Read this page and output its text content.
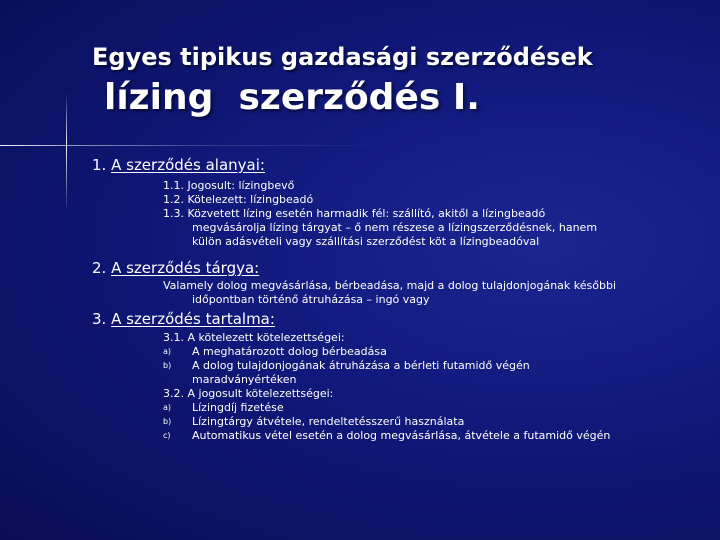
Egyes tipikus gazdasági szerződések
lízing  szerződés I.
1. A szerződés alanyai:
1.1. Jogosult: lízingbevő
1.2. Kötelezett: lízingbeadó
1.3. Közvetett lízing esetén harmadik fél: szállító, akitől a lízingbeadó
megvásárolja lízing tárgyat – ő nem részese a lízingszerződésnek, hanem
külön adásvételi vagy szállítási szerződést köt a lízingbeadóval
2. A szerződés tárgya:
Valamely dolog megvásárlása, bérbeadása, majd a dolog tulajdonjogának későbbi
időpontban történő átruházása – ingó vagy
3. A szerződés tartalma:
3.1. A kötelezett kötelezettségei:
a) A meghatározott dolog bérbeadása
b) A dolog tulajdonjogának átruházása a bérleti futamidő végén
maradványértéken
3.2. A jogosult kötelezettségei:
a) Lízingdíj fizetése
b) Lízingtárgy átvétele, rendeltetésszerű használata
c) Automatikus vétel esetén a dolog megvásárlása, átvétele a futamidő végén
